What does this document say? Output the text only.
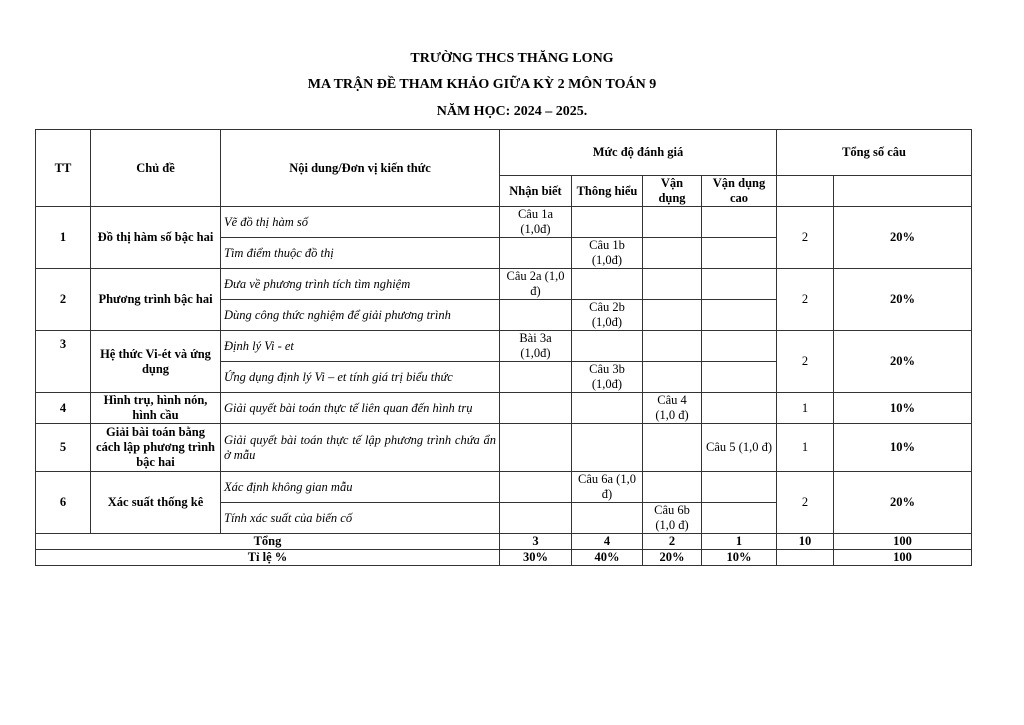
TRƯỜNG THCS THĂNG LONG
MA TRẬN ĐỀ THAM KHẢO GIỮA KỲ 2 MÔN TOÁN 9
NĂM HỌC: 2024 – 2025.
TT	Chủ đề	Nội dung/Đơn vị kiến thức	Mức độ đánh giá				Tổng số câu	
			Nhận biết	Thông hiểu	Vận dụng	Vận dụng cao			
1	Đồ thị hàm số bậc hai	Vẽ đồ thị hàm số	Câu 1a (1,0đ)				2	20%	
		Tìm điểm thuộc đồ thị		Câu 1b (1,0đ)					
2	Phương trình bậc hai	Đưa về phương trình tích tìm nghiệm	Câu 2a (1,0 đ)				2	20%	
		Dùng công thức nghiệm để giải phương trình		Câu 2b (1,0đ)					
3	Hệ thức Vi-ét và ứng dụng	Định lý Vi - et	Bài 3a (1,0đ)				2	20%	
		Ứng dụng định lý Vi – et tính giá trị biểu thức		Câu 3b (1,0đ)					
4	Hình trụ, hình nón, hình cầu	Giải quyết bài toán thực tế liên quan đến hình trụ			Câu 4 (1,0 đ)		1	10%	
5	Giải bài toán bằng cách lập phương trình bậc hai	Giải quyết bài toán thực tế lập phương trình chứa ẩn ở mẫu				Câu 5 (1,0 đ)	1	10%	
6	Xác suất thống kê	Xác định không gian mẫu		Câu 6a (1,0 đ)			2	20%	
		Tính xác suất của biến cố			Câu 6b (1,0 đ)				
Tổng			3	4	2	1	10	100	
Tỉ lệ %			30%	40%	20%	10%		100	
